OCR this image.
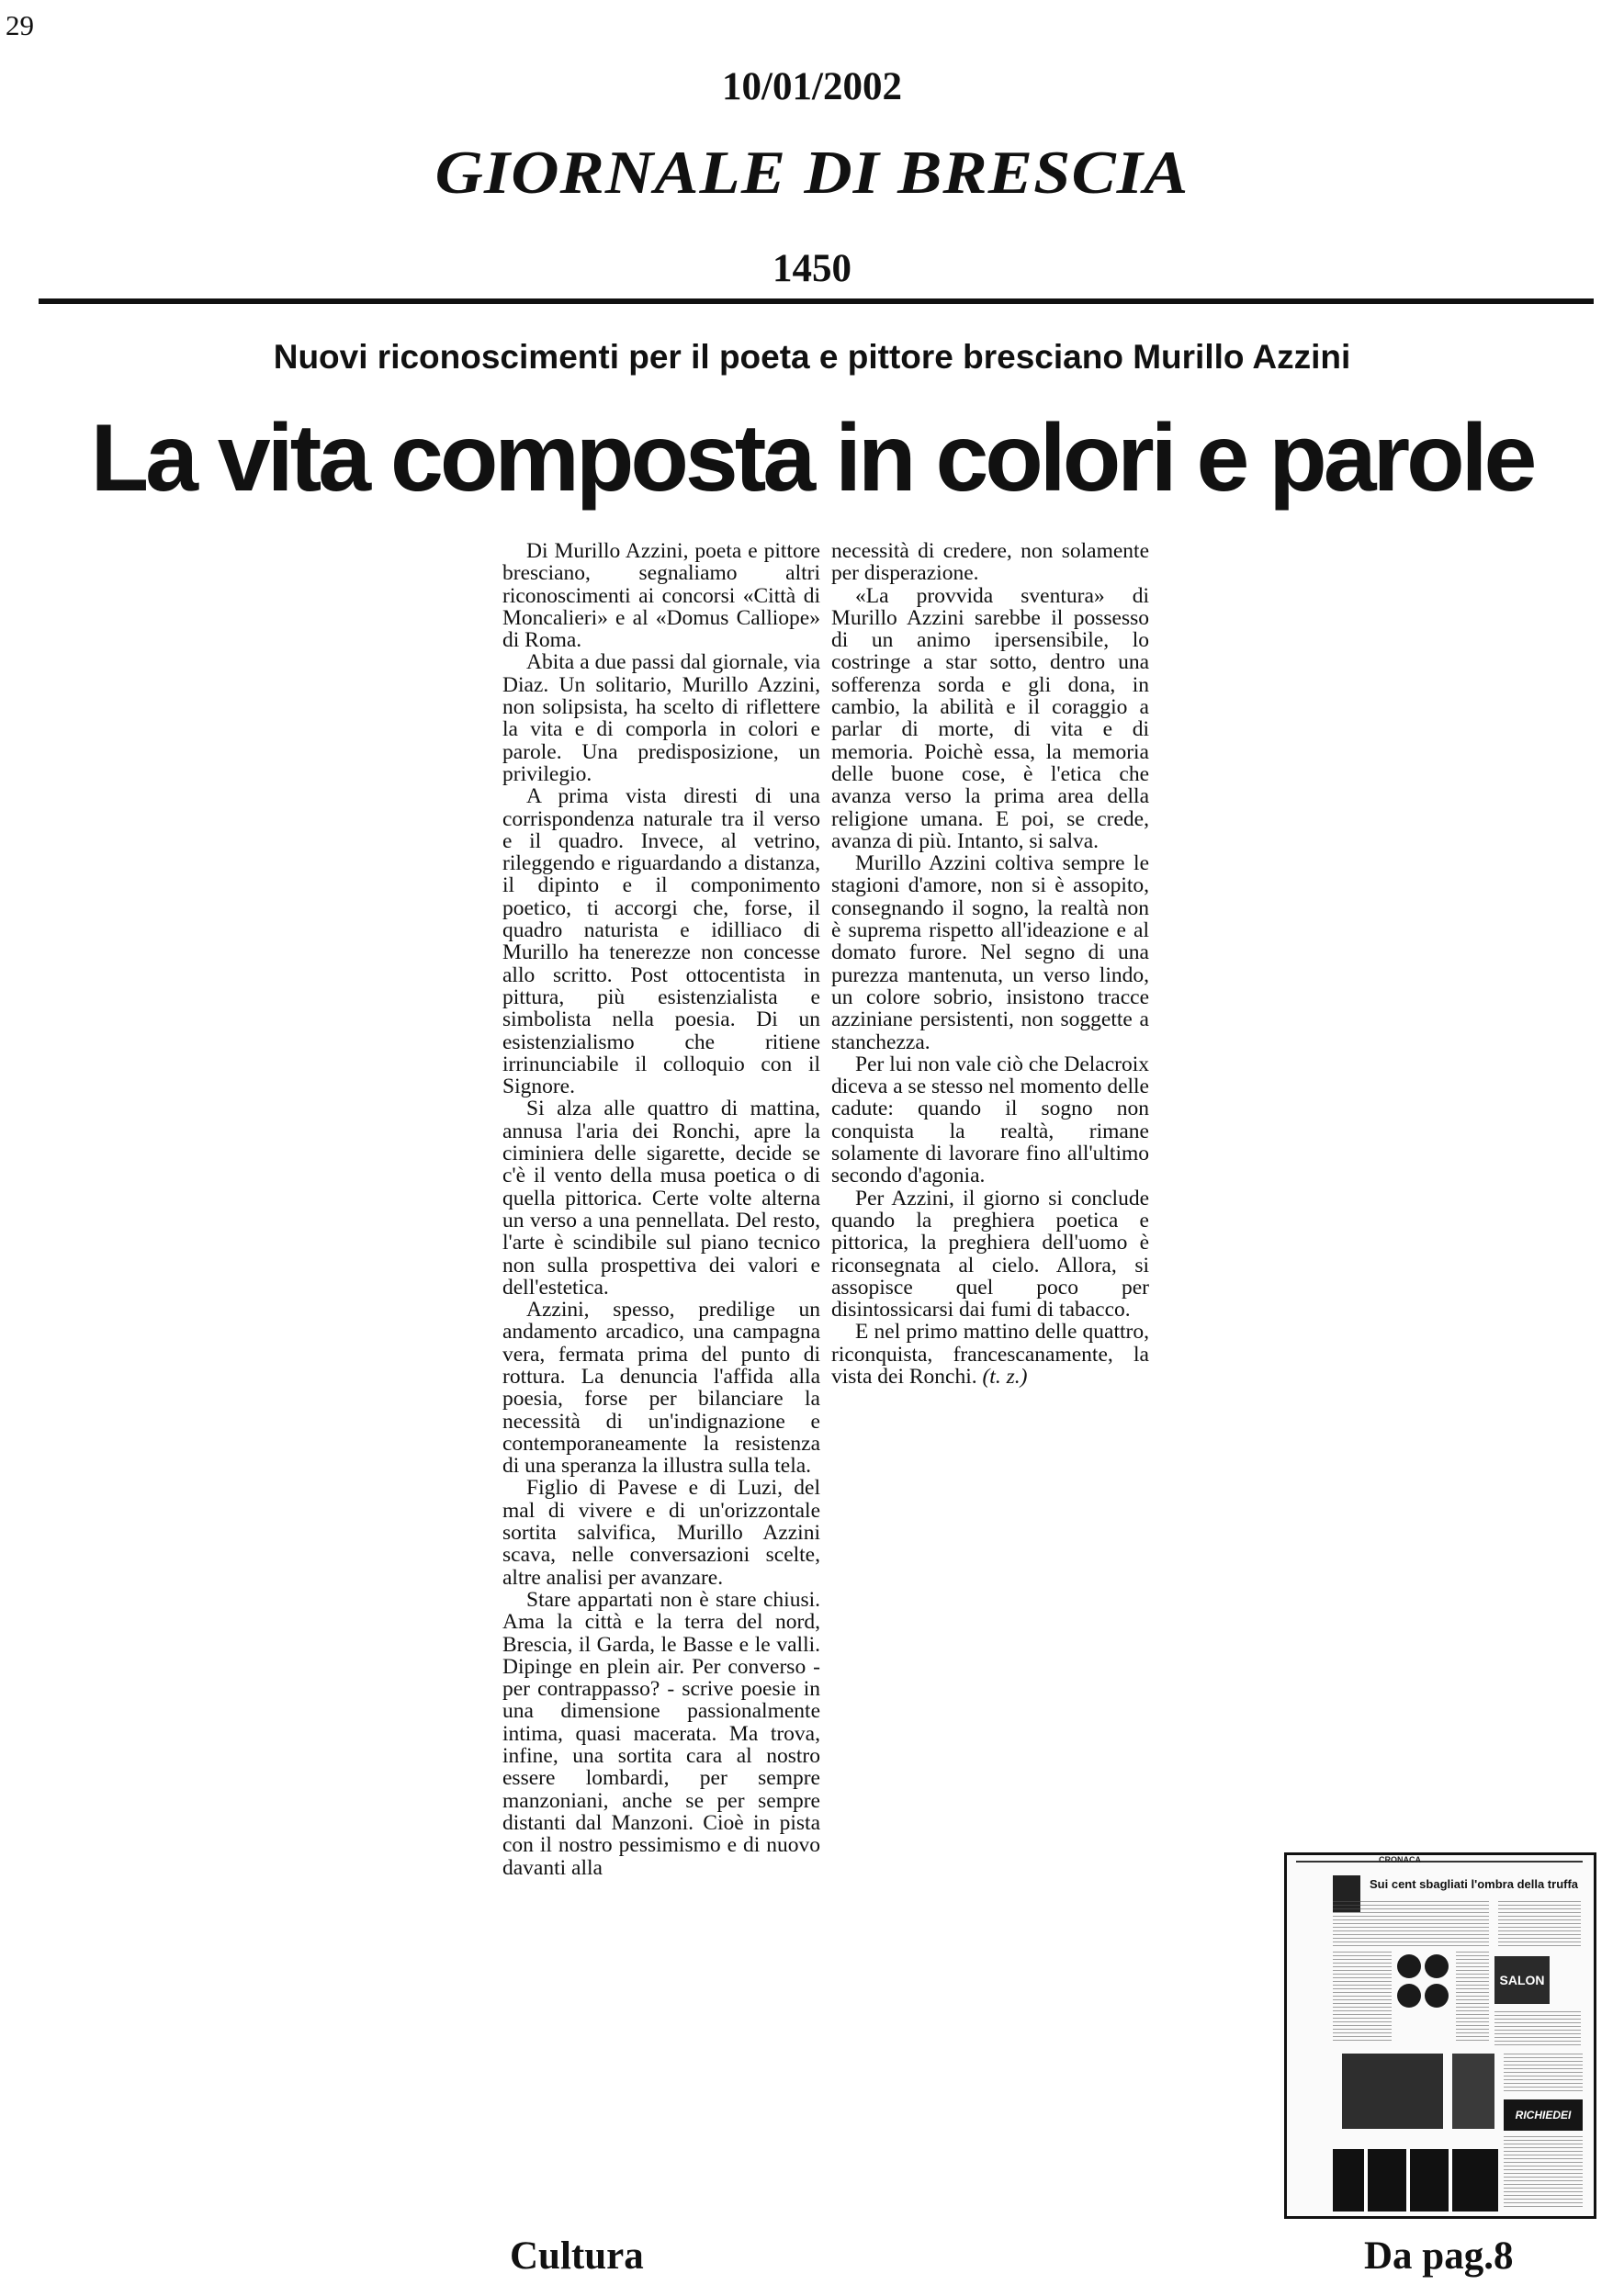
29
10/01/2002
GIORNALE DI BRESCIA
1450
Nuovi riconoscimenti per il poeta e pittore bresciano Murillo Azzini
La vita composta in colori e parole

Di Murillo Azzini, poeta e pittore bresciano, segnaliamo altri riconoscimenti ai concorsi «Città di Moncalieri» e al «Domus Calliope» di Roma.

Abita a due passi dal giornale, via Diaz. Un solitario, Murillo Azzini, non solipsista, ha scelto di riflettere la vita e di comporla in colori e parole. Una predisposizione, un privilegio.

A prima vista diresti di una corrispondenza naturale tra il verso e il quadro. Invece, al vetrino, rileggendo e riguardando a distanza, il dipinto e il componimento poetico, ti accorgi che, forse, il quadro naturista e idilliaco di Murillo ha tenerezze non concesse allo scritto. Post ottocentista in pittura, più esistenzialista e simbolista nella poesia. Di un esistenzialismo che ritiene irrinunciabile il colloquio con il Signore.

Si alza alle quattro di mattina, annusa l'aria dei Ronchi, apre la ciminiera delle sigarette, decide se c'è il vento della musa poetica o di quella pittorica. Certe volte alterna un verso a una pennellata. Del resto, l'arte è scindibile sul piano tecnico non sulla prospettiva dei valori e dell'estetica.

Azzini, spesso, predilige un andamento arcadico, una campagna vera, fermata prima del punto di rottura. La denuncia l'affida alla poesia, forse per bilanciare la necessità di un'indignazione e contemporaneamente la resistenza di una speranza la illustra sulla tela.

Figlio di Pavese e di Luzi, del mal di vivere e di un'orizzontale sortita salvifica, Murillo Azzini scava, nelle conversazioni scelte, altre analisi per avanzare.

Stare appartati non è stare chiusi. Ama la città e la terra del nord, Brescia, il Garda, le Basse e le valli. Dipinge en plein air. Per converso - per contrappasso? - scrive poesie in una dimensione passionalmente intima, quasi macerata. Ma trova, infine, una sortita cara al nostro essere lombardi, per sempre manzoniani, anche se per sempre distanti dal Manzoni. Cioè in pista con il nostro pessimismo e di nuovo davanti alla

necessità di credere, non solamente per disperazione.

«La provvida sventura» di Murillo Azzini sarebbe il possesso di un animo ipersensibile, lo costringe a star sotto, dentro una sofferenza sorda e gli dona, in cambio, la abilità e il coraggio a parlar di morte, di vita e di memoria. Poichè essa, la memoria delle buone cose, è l'etica che avanza verso la prima area della religione umana. E poi, se crede, avanza di più. Intanto, si salva.

Murillo Azzini coltiva sempre le stagioni d'amore, non si è assopito, consegnando il sogno, la realtà non è suprema rispetto all'ideazione e al domato furore. Nel segno di una purezza mantenuta, un verso lindo, un colore sobrio, insistono tracce azziniane persistenti, non soggette a stanchezza.

Per lui non vale ciò che Delacroix diceva a se stesso nel momento delle cadute: quando il sogno non conquista la realtà, rimane solamente di lavorare fino all'ultimo secondo d'agonia.

Per Azzini, il giorno si conclude quando la preghiera poetica e pittorica, la preghiera dell'uomo è riconsegnata al cielo. Allora, si assopisce quel poco per disintossicarsi dai fumi di tabacco.

E nel primo mattino delle quattro, riconquista, francescanamente, la vista dei Ronchi. (t. z.)

CRONACA
Sui cent sbagliati l'ombra della truffa
SALON
RICHIEDEI
Cultura	Da pag.8
